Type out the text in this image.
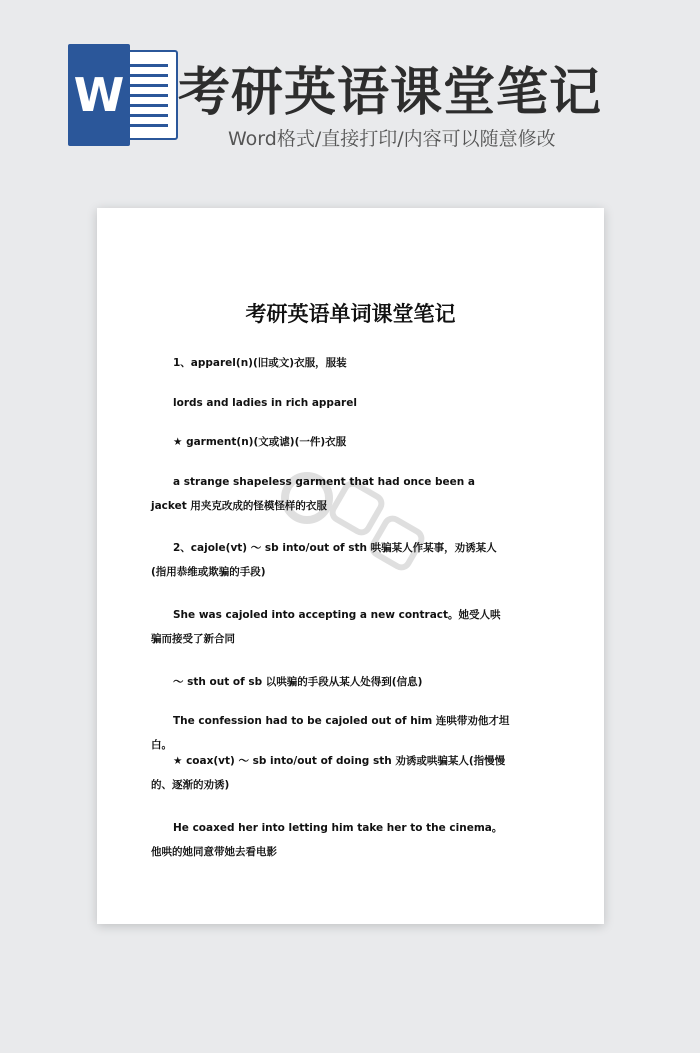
W 考研英语课堂笔记
Word格式/直接打印/内容可以随意修改
考研英语单词课堂笔记
1、apparel(n)(旧或文)衣服，服装
lords and ladies in rich apparel
★ garment(n)(文或谑)(一件)衣服
a strange shapeless garment that had once been a jacket 用夹克改成的怪模怪样的衣服
2、cajole(vt) ～ sb into/out of sth 哄骗某人作某事，劝诱某人(指用恭维或欺骗的手段)
She was cajoled into accepting a new contract。她受人哄骗而接受了新合同
～ sth out of sb 以哄骗的手段从某人处得到(信息)
The confession had to be cajoled out of him 连哄带劝他才坦白。
★ coax(vt) ～ sb into/out of doing sth 劝诱或哄骗某人(指慢慢的、逐渐的劝诱)
He coaxed her into letting him take her to the cinema。他哄的她同意带她去看电影
